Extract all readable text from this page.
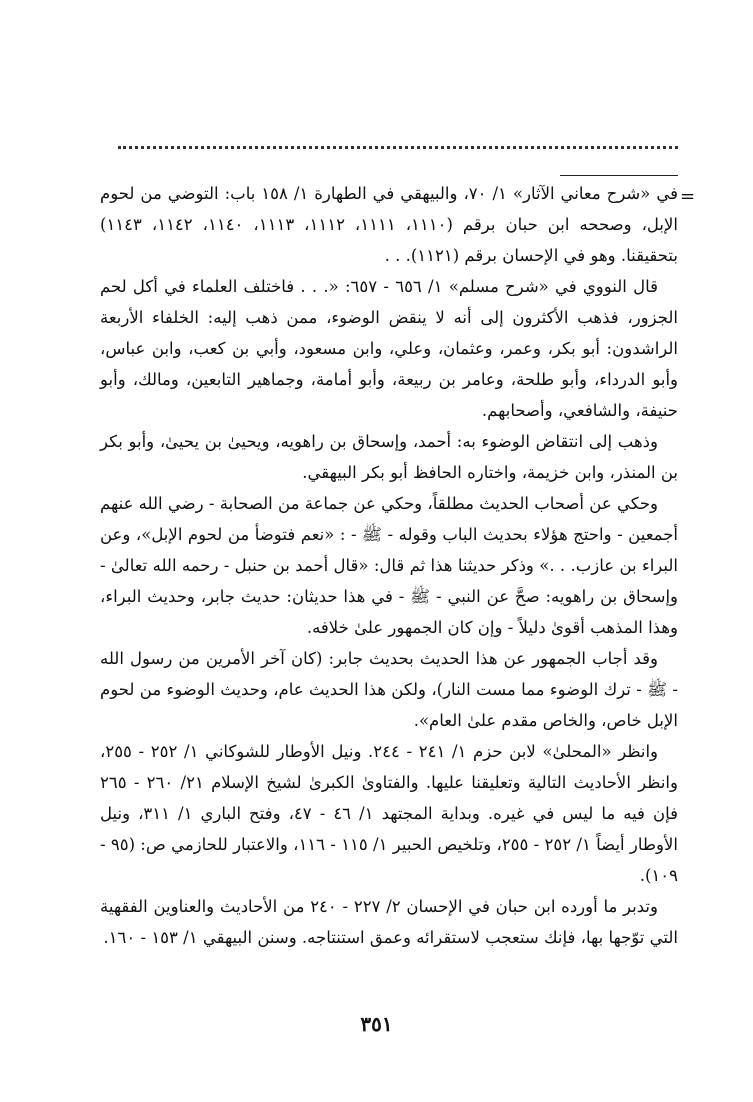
=

في «شرح معاني الآثار» ١/ ٧٠، والبيهقي في الطهارة ١/ ١٥٨ باب: التوضي من لحوم الإبل، وصححه ابن حبان برقم (١١١٠، ١١١١، ١١١٢، ١١١٣، ١١٤٠، ١١٤٢، ١١٤٣) بتحقيقنا. وهو في الإحسان برقم (١١٢١). . .

قال النووي في «شرح مسلم» ١/ ٦٥٦ - ٦٥٧: «. . . فاختلف العلماء في أكل لحم الجزور، فذهب الأكثرون إلى أنه لا ينقض الوضوء، ممن ذهب إليه: الخلفاء الأربعة الراشدون: أبو بكر، وعمر، وعثمان، وعلي، وابن مسعود، وأبي بن كعب، وابن عباس، وأبو الدرداء، وأبو طلحة، وعامر بن ربيعة، وأبو أمامة، وجماهير التابعين، ومالك، وأبو حنيفة، والشافعي، وأصحابهم.

وذهب إلى انتقاض الوضوء به: أحمد، وإسحاق بن راهويه، ويحيىٰ بن يحيىٰ، وأبو بكر بن المنذر، وابن خزيمة، واختاره الحافظ أبو بكر البيهقي.

وحكي عن أصحاب الحديث مطلقاً، وحكي عن جماعة من الصحابة - رضي الله عنهم أجمعين - واحتج هؤلاء بحديث الباب وقوله - ﷺ - : «نعم فتوضأ من لحوم الإبل»، وعن البراء بن عازب. . .» وذكر حديثنا هذا ثم قال: «قال أحمد بن حنبل - رحمه الله تعالىٰ - وإسحاق بن راهويه: صحَّ عن النبي - ﷺ - في هذا حديثان: حديث جابر، وحديث البراء، وهذا المذهب أقوىٰ دليلاً - وإن كان الجمهور علىٰ خلافه.

وقد أجاب الجمهور عن هذا الحديث بحديث جابر: (كان آخر الأمرين من رسول الله - ﷺ - ترك الوضوء مما مست النار)، ولكن هذا الحديث عام، وحديث الوضوء من لحوم الإبل خاص، والخاص مقدم علىٰ العام».

وانظر «المحلىٰ» لابن حزم ١/ ٢٤١ - ٢٤٤. ونيل الأوطار للشوكاني ١/ ٢٥٢ - ٢٥٥، وانظر الأحاديث التالية وتعليقنا عليها. والفتاوىٰ الكبرىٰ لشيخ الإسلام ٢١/ ٢٦٠ - ٢٦٥ فإن فيه ما ليس في غيره. وبداية المجتهد ١/ ٤٦ - ٤٧، وفتح الباري ١/ ٣١١، ونيل الأوطار أيضاً ١/ ٢٥٢ - ٢٥٥، وتلخيص الحبير ١/ ١١٥ - ١١٦، والاعتبار للحازمي ص: (٩٥ - ١٠٩).

وتدبر ما أورده ابن حبان في الإحسان ٢/ ٢٢٧ - ٢٤٠ من الأحاديث والعناوين الفقهية التي توّجها بها، فإنك ستعجب لاستقرائه وعمق استنتاجه. وسنن البيهقي ١/ ١٥٣ - ١٦٠.

٣٥١
